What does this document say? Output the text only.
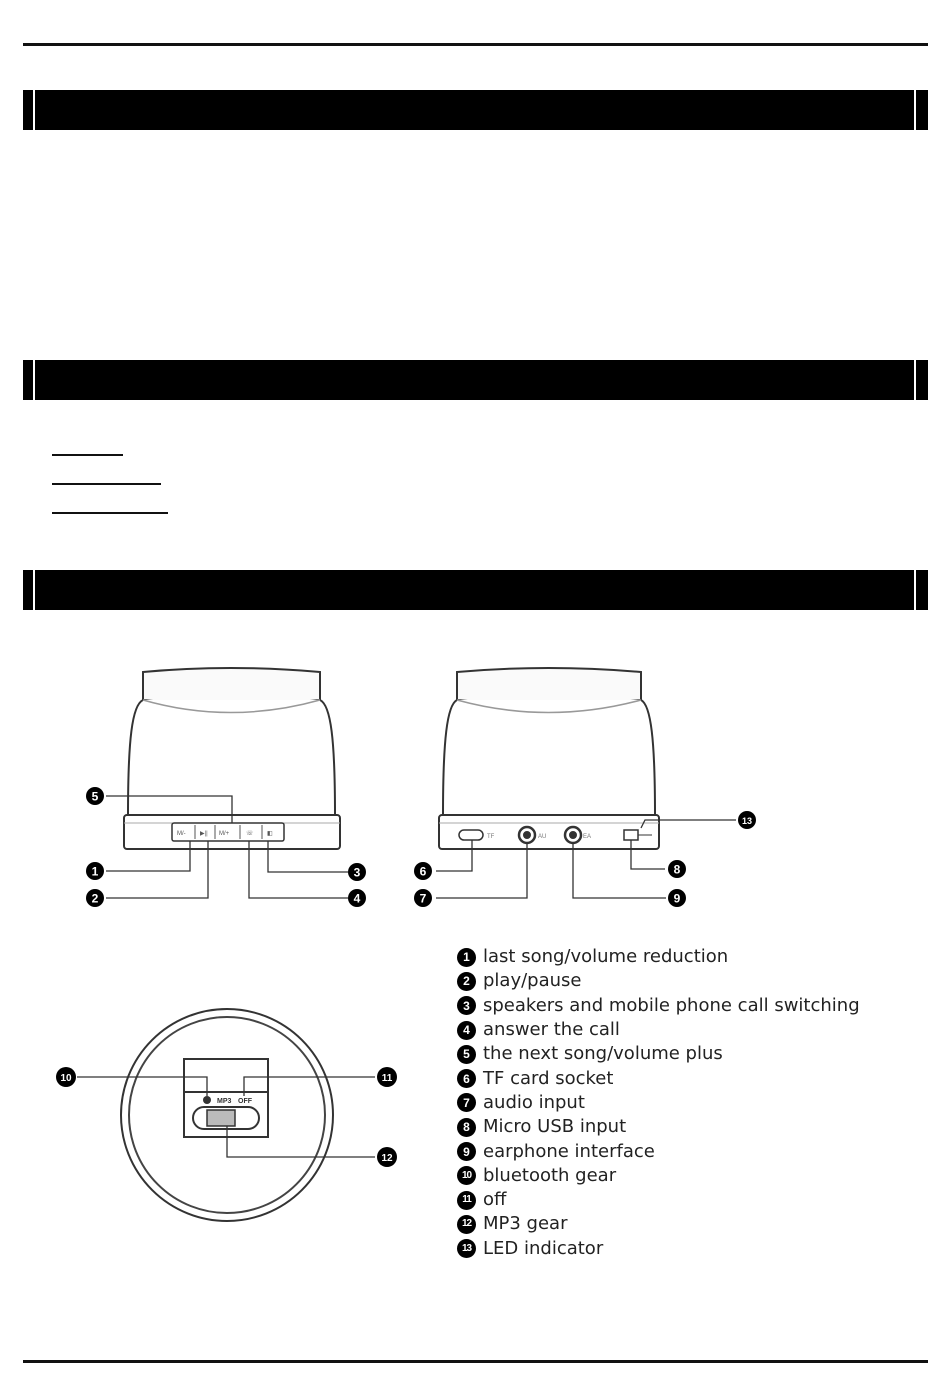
M/- ▶|| M/+	☏ ◧
5
1
2
3
4
TF	AU	EA
6
7
8
9
13
MP3 OFF
10	11
12
1 last song/volume reduction
2 play/pause
3 speakers and mobile phone call switching
4 answer the call
5 the next song/volume plus
6 TF card socket
7 audio input
8 Micro USB input
9 earphone interface
10 bluetooth gear
11 off
12 MP3 gear
13 LED indicator
